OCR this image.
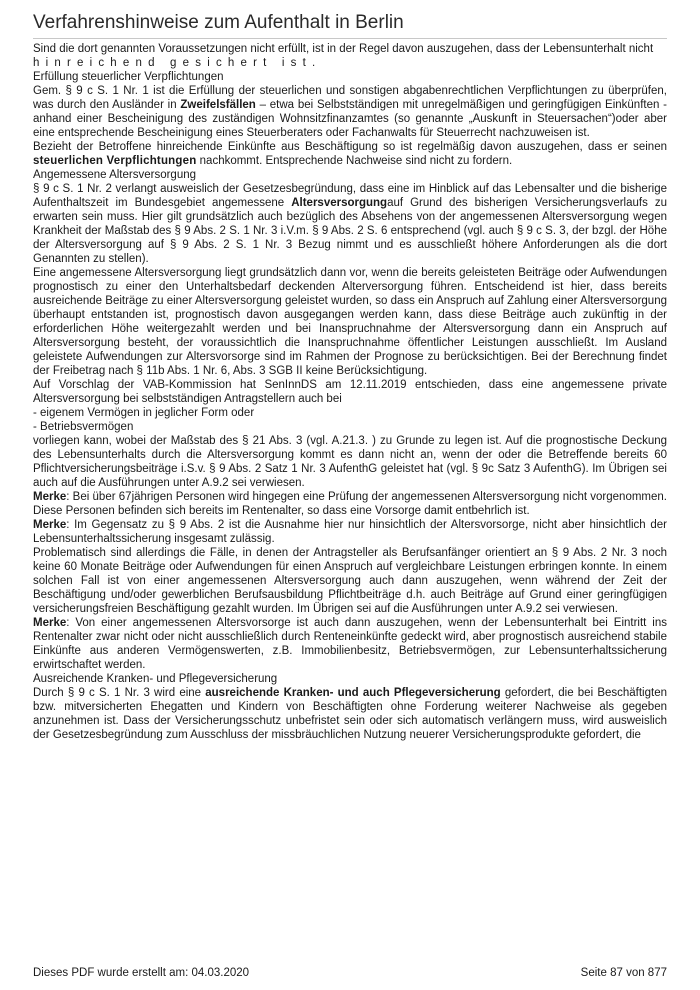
Verfahrenshinweise zum Aufenthalt in Berlin

Sind die dort genannten Voraussetzungen nicht erfüllt, ist in der Regel davon auszugehen, dass der Lebensunterhalt nicht
hinreichend gesichert ist.

Erfüllung steuerlicher Verpflichtungen

Gem. § 9 c S. 1 Nr. 1 ist die Erfüllung der steuerlichen und sonstigen abgabenrechtlichen Verpflichtungen zu überprüfen, was durch den Ausländer in Zweifelsfällen – etwa bei Selbstständigen mit unregelmäßigen und geringfügigen Einkünften - anhand einer Bescheinigung des zuständigen Wohnsitzfinanzamtes (so genannte „Auskunft in Steuersachen“)oder aber eine entsprechende Bescheinigung eines Steuerberaters oder Fachanwalts für Steuerrecht nachzuweisen ist.

Bezieht der Betroffene hinreichende Einkünfte aus Beschäftigung so ist regelmäßig davon auszugehen, dass er seinen steuerlichen Verpflichtungen nachkommt. Entsprechende Nachweise sind nicht zu fordern.

Angemessene Altersversorgung

§ 9 c S. 1 Nr. 2 verlangt ausweislich der Gesetzesbegründung, dass eine im Hinblick auf das Lebensalter und die bisherige Aufenthaltszeit im Bundesgebiet angemessene Altersversorgungauf Grund des bisherigen Versicherungsverlaufs zu erwarten sein muss. Hier gilt grundsätzlich auch bezüglich des Absehens von der angemessenen Altersversorgung wegen Krankheit der Maßstab des § 9 Abs. 2 S. 1 Nr. 3 i.V.m. § 9 Abs. 2 S. 6 entsprechend (vgl. auch § 9 c S. 3, der bzgl. der Höhe der Altersversorgung auf § 9 Abs. 2 S. 1 Nr. 3 Bezug nimmt und es ausschließt höhere Anforderungen als die dort Genannten zu stellen).

Eine angemessene Altersversorgung liegt grundsätzlich dann vor, wenn die bereits geleisteten Beiträge oder Aufwendungen prognostisch zu einer den Unterhaltsbedarf deckenden Alterversorgung führen. Entscheidend ist hier, dass bereits ausreichende Beiträge zu einer Altersversorgung geleistet wurden, so dass ein Anspruch auf Zahlung einer Altersversorgung überhaupt entstanden ist, prognostisch davon ausgegangen werden kann, dass diese Beiträge auch zukünftig in der erforderlichen Höhe weitergezahlt werden und bei Inanspruchnahme der Altersversorgung dann ein Anspruch auf Altersversorgung besteht, der voraussichtlich die Inanspruchnahme öffentlicher Leistungen ausschließt. Im Ausland geleistete Aufwendungen zur Altersvorsorge sind im Rahmen der Prognose zu berücksichtigen. Bei der Berechnung findet der Freibetrag nach § 11b Abs. 1 Nr. 6, Abs. 3 SGB II keine Berücksichtigung.

Auf Vorschlag der VAB-Kommission hat SenInnDS am 12.11.2019 entschieden, dass eine angemessene private Altersversorgung bei selbstständigen Antragstellern auch bei

- eigenem Vermögen in jeglicher Form oder

- Betriebsvermögen

vorliegen kann, wobei der Maßstab des § 21 Abs. 3 (vgl. A.21.3. ) zu Grunde zu legen ist. Auf die prognostische Deckung des Lebensunterhalts durch die Altersversorgung kommt es dann nicht an, wenn der oder die Betreffende bereits 60 Pflichtversicherungsbeiträge i.S.v. § 9 Abs. 2 Satz 1 Nr. 3 AufenthG geleistet hat (vgl. § 9c Satz 3 AufenthG). Im Übrigen sei auch auf die Ausführungen unter A.9.2 sei verwiesen.

Merke: Bei über 67jährigen Personen wird hingegen eine Prüfung der angemessenen Altersversorgung nicht vorgenommen. Diese Personen befinden sich bereits im Rentenalter, so dass eine Vorsorge damit entbehrlich ist.

Merke: Im Gegensatz zu § 9 Abs. 2 ist die Ausnahme hier nur hinsichtlich der Altersvorsorge, nicht aber hinsichtlich der Lebensunterhaltssicherung insgesamt zulässig.

Problematisch sind allerdings die Fälle, in denen der Antragsteller als Berufsanfänger orientiert an § 9 Abs. 2 Nr. 3 noch keine 60 Monate Beiträge oder Aufwendungen für einen Anspruch auf vergleichbare Leistungen erbringen konnte. In einem solchen Fall ist von einer angemessenen Altersversorgung auch dann auszugehen, wenn während der Zeit der Beschäftigung und/oder gewerblichen Berufsausbildung Pflichtbeiträge d.h. auch Beiträge auf Grund einer geringfügigen versicherungsfreien Beschäftigung gezahlt wurden. Im Übrigen sei auf die Ausführungen unter A.9.2 sei verwiesen.

Merke: Von einer angemessenen Altersvorsorge ist auch dann auszugehen, wenn der Lebensunterhalt bei Eintritt ins Rentenalter zwar nicht oder nicht ausschließlich durch Renteneinkünfte gedeckt wird, aber prognostisch ausreichend stabile Einkünfte aus anderen Vermögenswerten, z.B. Immobilienbesitz, Betriebsvermögen, zur Lebensunterhaltssicherung erwirtschaftet werden.

Ausreichende Kranken- und Pflegeversicherung

Durch § 9 c S. 1 Nr. 3 wird eine ausreichende Kranken- und auch Pflegeversicherung gefordert, die bei Beschäftigten bzw. mitversicherten Ehegatten und Kindern von Beschäftigten ohne Forderung weiterer Nachweise als gegeben anzunehmen ist. Dass der Versicherungsschutz unbefristet sein oder sich automatisch verlängern muss, wird ausweislich der Gesetzesbegründung zum Ausschluss der missbräuchlichen Nutzung neuerer Versicherungsprodukte gefordert, die

Dieses PDF wurde erstellt am: 04.03.2020	Seite 87 von 877
